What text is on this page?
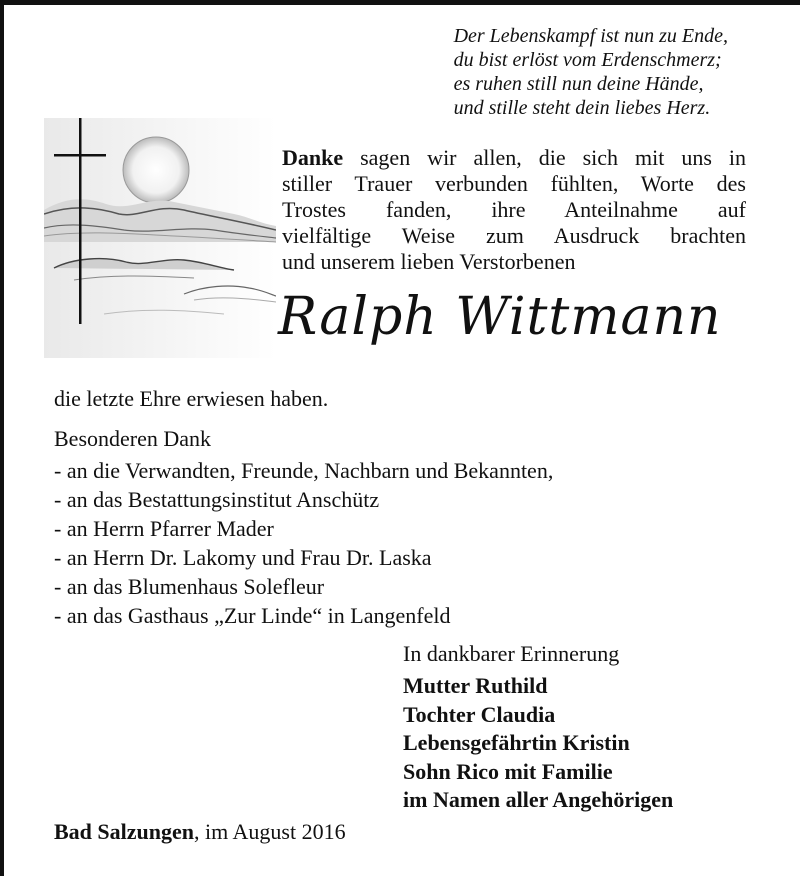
Der Lebenskampf ist nun zu Ende,
du bist erlöst vom Erdenschmerz;
es ruhen still nun deine Hände,
und stille steht dein liebes Herz.
Danke sagen wir allen, die sich mit uns in
stiller Trauer verbunden fühlten, Worte des
Trostes fanden, ihre Anteilnahme auf
vielfältige Weise zum Ausdruck brachten
und unserem lieben Verstorbenen
Ralph Wittmann
die letzte Ehre erwiesen haben.
Besonderen Dank
- an die Verwandten, Freunde, Nachbarn und Bekannten,
- an das Bestattungsinstitut Anschütz
- an Herrn Pfarrer Mader
- an Herrn Dr. Lakomy und Frau Dr. Laska
- an das Blumenhaus Solefleur
- an das Gasthaus „Zur Linde“ in Langenfeld
In dankbarer Erinnerung
Mutter Ruthild
Tochter Claudia
Lebensgefährtin Kristin
Sohn Rico mit Familie
im Namen aller Angehörigen
Bad Salzungen, im August 2016
